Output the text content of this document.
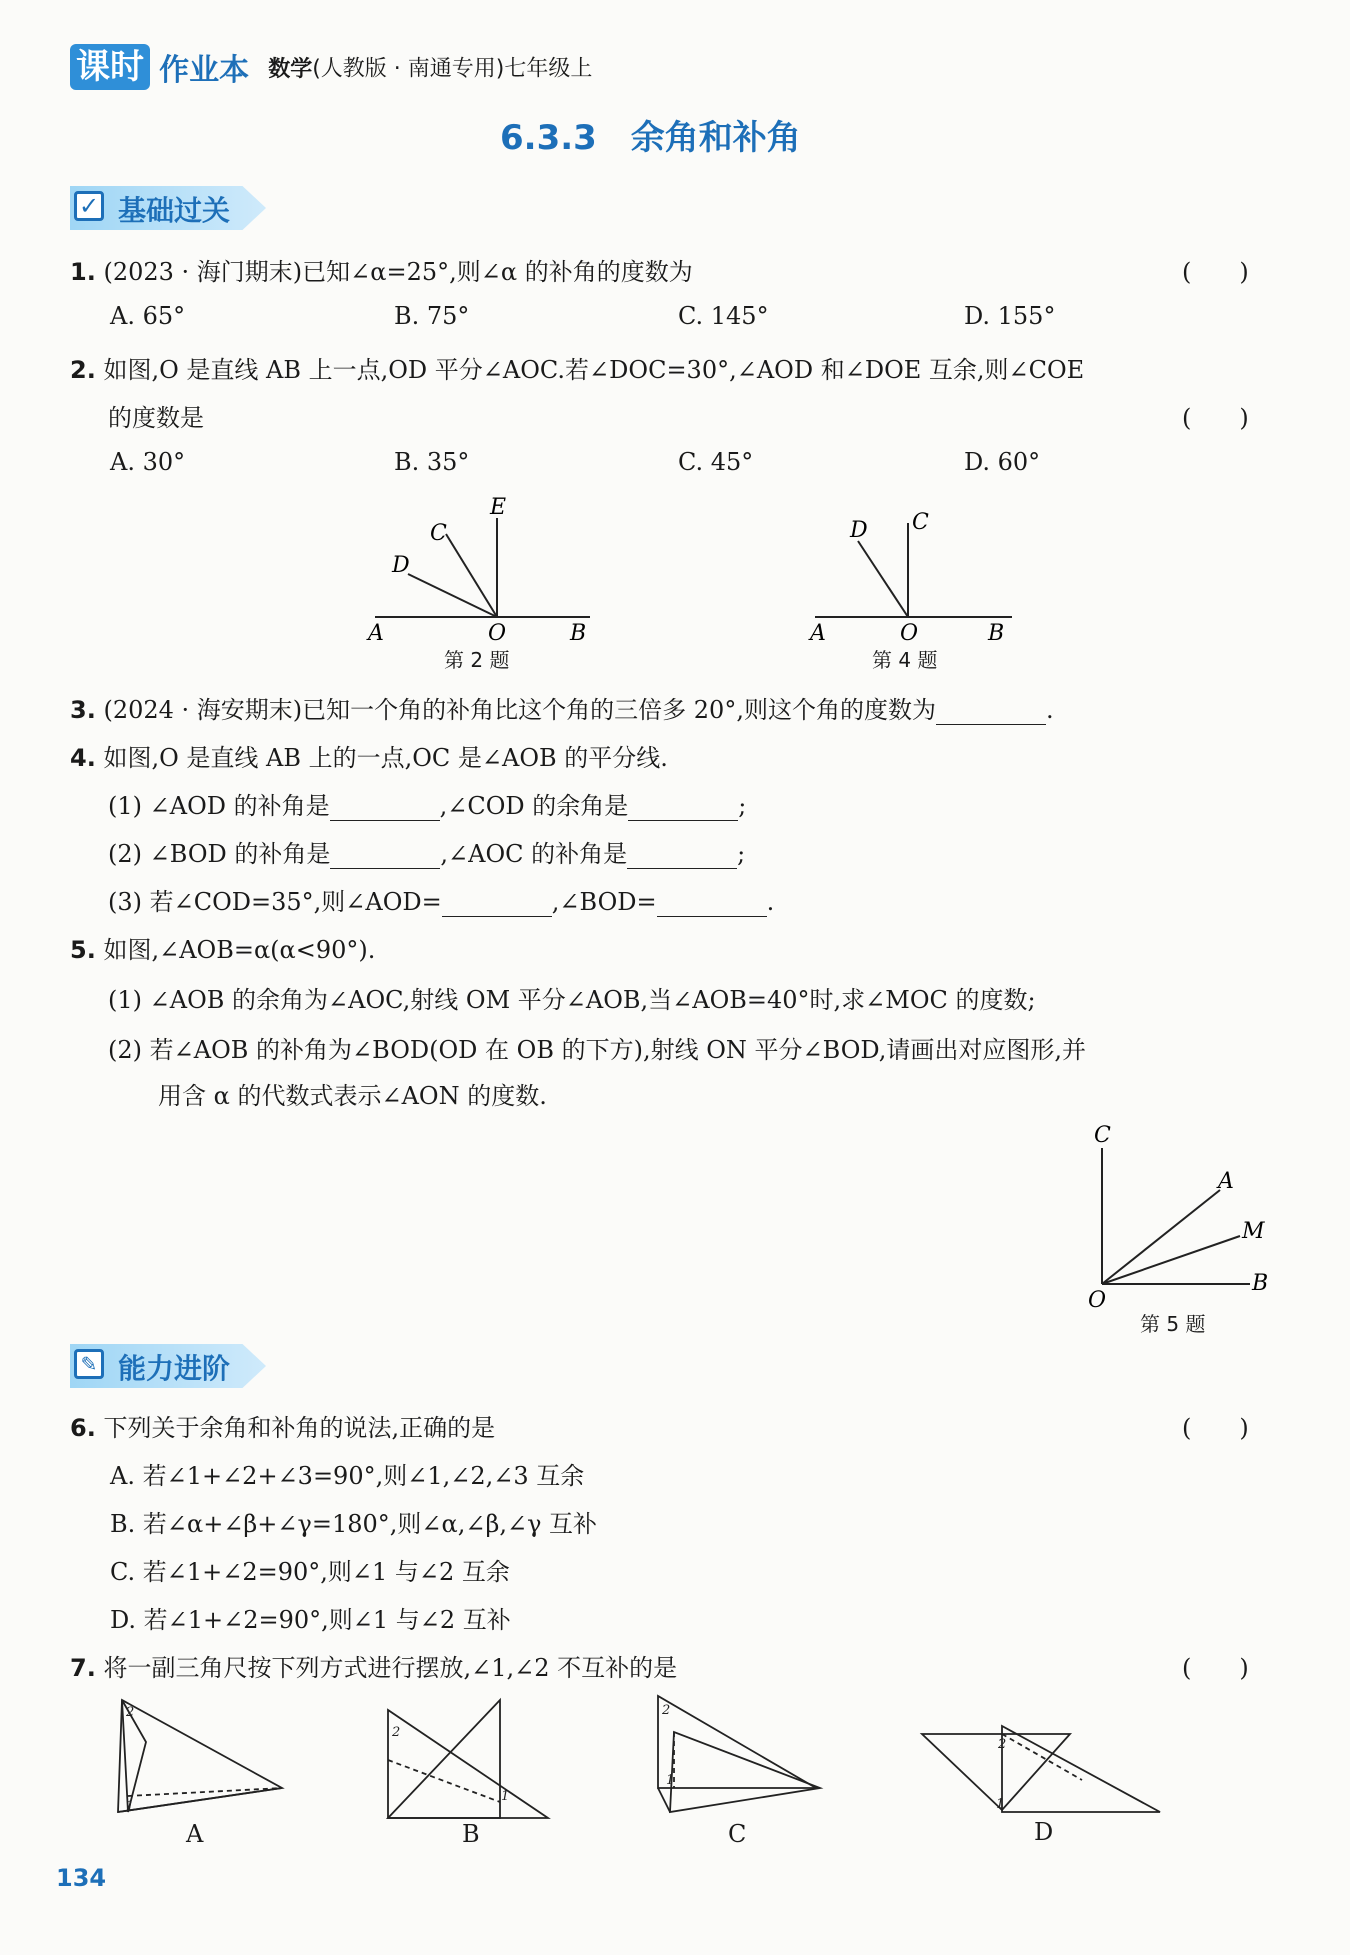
课时 作业本 数学(人教版 · 南通专用)七年级上
6.3.3　余角和补角
✓ 基础过关
1. (2023 · 海门期末)已知∠α=25°,则∠α 的补角的度数为	(　　)
A. 65°	B. 75°	C. 145°	D. 155°
2. 如图,O 是直线 AB 上一点,OD 平分∠AOC.若∠DOC=30°,∠AOD 和∠DOE 互余,则∠COE
的度数是	(　　)
A. 30°	B. 35°	C. 45°	D. 60°
C
E
D
A	O	B
第 2 题
D C
A	O	B
第 4 题
3. (2024 · 海安期末)已知一个角的补角比这个角的三倍多 20°,则这个角的度数为	.
4. 如图,O 是直线 AB 上的一点,OC 是∠AOB 的平分线.
(1) ∠AOD 的补角是	,∠COD 的余角是	;
(2) ∠BOD 的补角是	,∠AOC 的补角是	;
(3) 若∠COD=35°,则∠AOD=	,∠BOD=	.
5. 如图,∠AOB=α(α<90°).
(1) ∠AOB 的余角为∠AOC,射线 OM 平分∠AOB,当∠AOB=40°时,求∠MOC 的度数;
(2) 若∠AOB 的补角为∠BOD(OD 在 OB 的下方),射线 ON 平分∠BOD,请画出对应图形,并
用含 α 的代数式表示∠AON 的度数.
C
A
M
O
B
第 5 题
✎ 能力进阶
6. 下列关于余角和补角的说法,正确的是	(　　)
A. 若∠1+∠2+∠3=90°,则∠1,∠2,∠3 互余
B. 若∠α+∠β+∠γ=180°,则∠α,∠β,∠γ 互补
C. 若∠1+∠2=90°,则∠1 与∠2 互余
D. 若∠1+∠2=90°,则∠1 与∠2 互补
7. 将一副三角尺按下列方式进行摆放,∠1,∠2 不互补的是	(　　)
2
1
2
1
2
1
2
1
A	B	C	D
134
